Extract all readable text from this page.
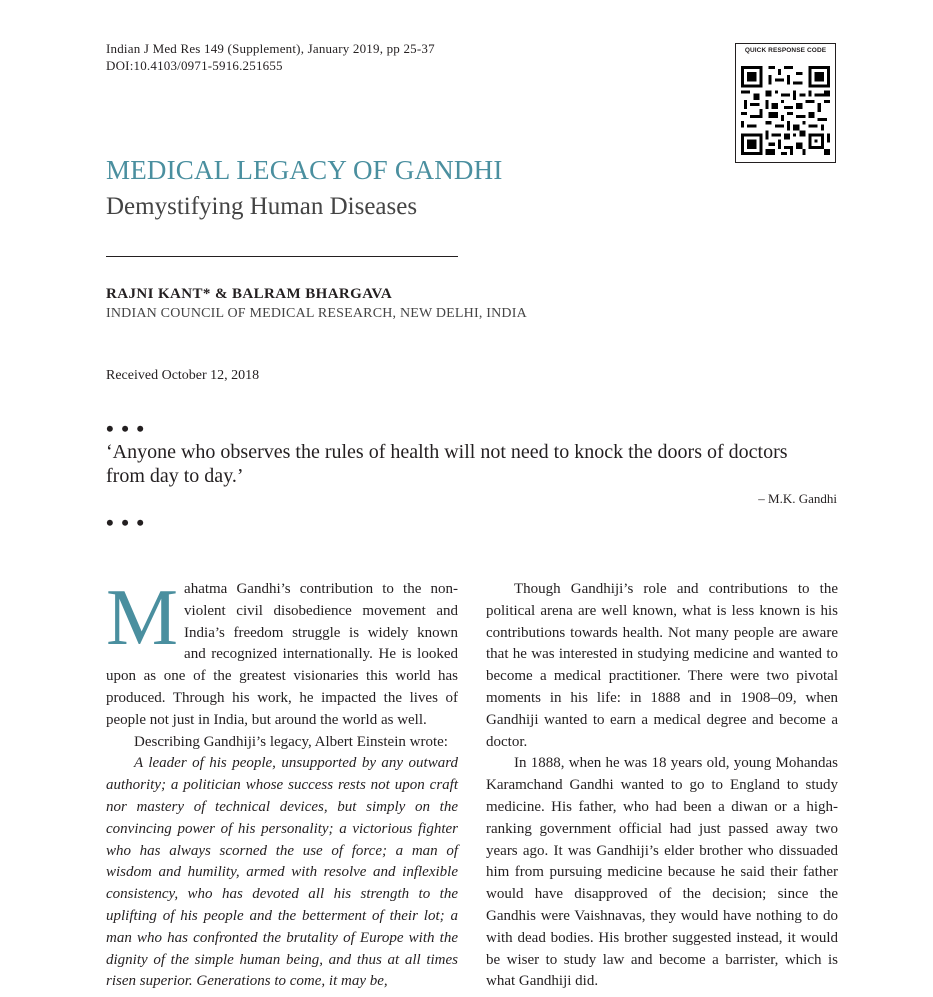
Indian J Med Res 149 (Supplement), January 2019, pp 25-37
DOI:10.4103/0971-5916.251655
QUICK RESPONSE CODE
MEDICAL LEGACY OF GANDHI
Demystifying Human Diseases
RAJNI KANT* & BALRAM BHARGAVA
INDIAN COUNCIL OF MEDICAL RESEARCH, NEW DELHI, INDIA
Received October 12, 2018
• • •
‘Anyone who observes the rules of health will not need to knock the doors of doctors from day to day.’
– M.K. Gandhi
• • •

Mahatma Gandhi’s contribution to the non-violent civil disobedience movement and India’s freedom struggle is widely known and recognized internationally. He is looked upon as one of the greatest visionaries this world has produced. Through his work, he impacted the lives of people not just in India, but around the world as well.

Describing Gandhiji’s legacy, Albert Einstein wrote:

A leader of his people, unsupported by any outward authority; a politician whose success rests not upon craft nor mastery of technical devices, but simply on the convincing power of his personality; a victorious fighter who has always scorned the use of force; a man of wisdom and humility, armed with resolve and inflexible consistency, who has devoted all his strength to the uplifting of his people and the betterment of their lot; a man who has confronted the brutality of Europe with the dignity of the simple human being, and thus at all times risen superior. Generations to come, it may be,

Though Gandhiji’s role and contributions to the political arena are well known, what is less known is his contributions towards health. Not many people are aware that he was interested in studying medicine and wanted to become a medical practitioner. There were two pivotal moments in his life: in 1888 and in 1908–09, when Gandhiji wanted to earn a medical degree and become a doctor.

In 1888, when he was 18 years old, young Mohandas Karamchand Gandhi wanted to go to England to study medicine. His father, who had been a diwan or a high-ranking government official had just passed away two years ago. It was Gandhiji’s elder brother who dissuaded him from pursuing medicine because he said their father would have disapproved of the decision; since the Gandhis were Vaishnavas, they would have nothing to do with dead bodies. His brother suggested instead, it would be wiser to study law and become a barrister, which is what Gandhiji did.
